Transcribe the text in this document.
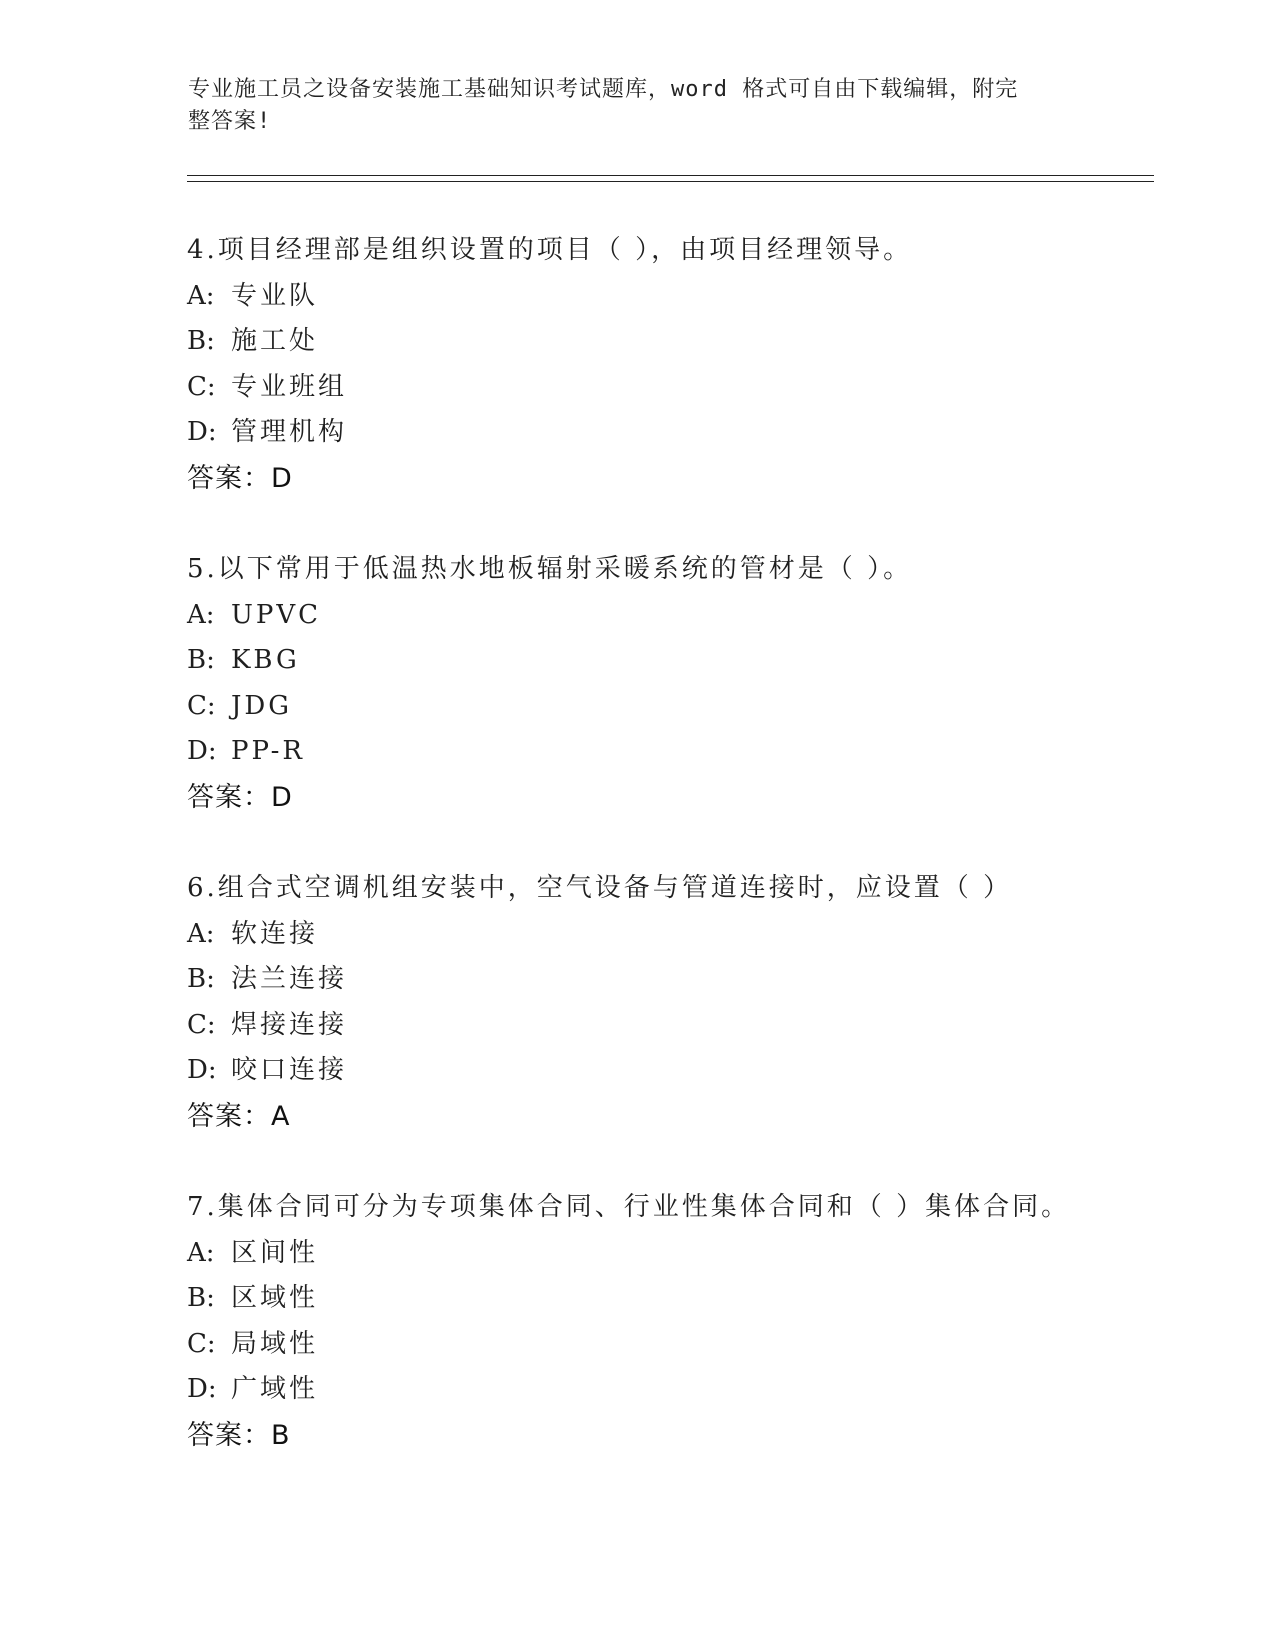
专业施工员之设备安装施工基础知识考试题库，word 格式可自由下载编辑，附完
整答案!
4.项目经理部是组织设置的项目（ ），由项目经理领导。
A: 专业队
B: 施工处
C: 专业班组
D: 管理机构
答案：D
5.以下常用于低温热水地板辐射采暖系统的管材是（ ）。
A: UPVC
B: KBG
C: JDG
D: PP-R
答案：D
6.组合式空调机组安装中，空气设备与管道连接时，应设置（ ）
A: 软连接
B: 法兰连接
C: 焊接连接
D: 咬口连接
答案：A
7.集体合同可分为专项集体合同、行业性集体合同和（ ）集体合同。
A: 区间性
B: 区域性
C: 局域性
D: 广域性
答案：B
